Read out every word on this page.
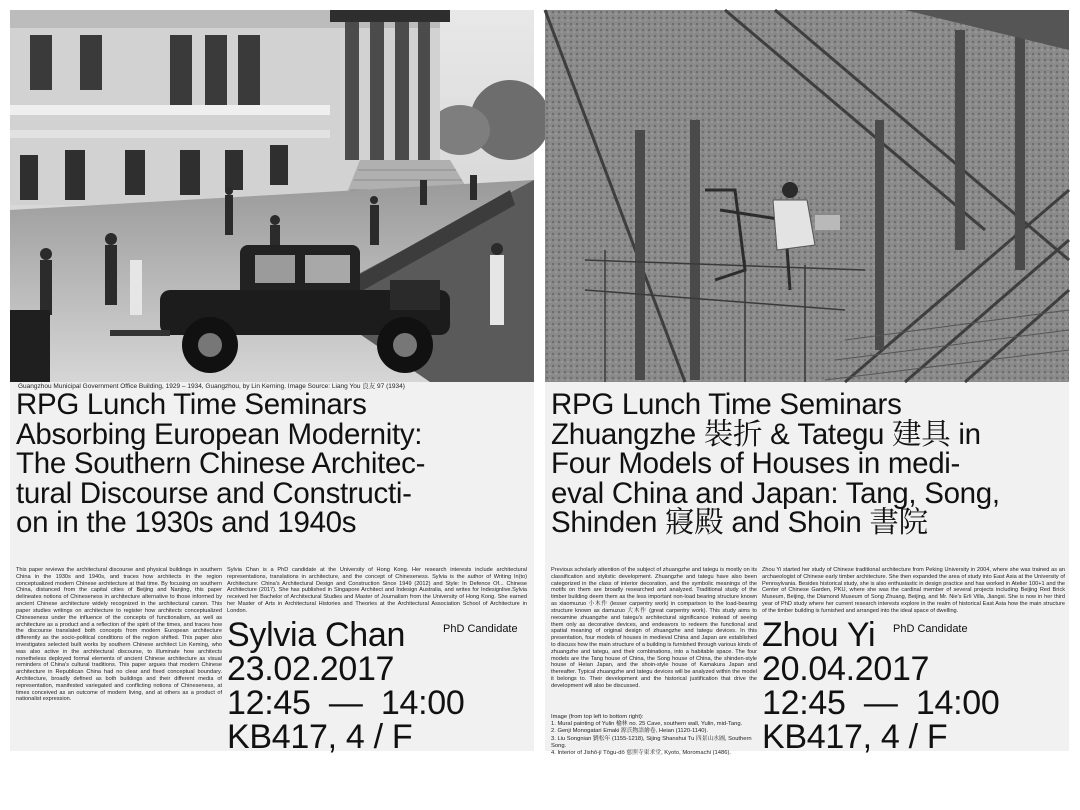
Guangzhou Municipal Government Office Building, 1929 – 1934, Guangzhou, by Lin Kerning. Image Source: Liang You 良友 97 (1934)
RPG Lunch Time Seminars
Absorbing European Modernity:
The Southern Chinese Architec-
tural Discourse and Constructi-
on in the 1930s and 1940s

This paper reviews the architectural discourse and physical buildings in southern China in the 1930s and 1940s, and traces how architects in the region conceptualized modern Chinese architecture at that time. By focusing on southern China, distanced from the capital cities of Beijing and Nanjing, this paper delineates notions of Chineseness in architecture alternative to those informed by ancient Chinese architecture widely recognized in the architectural canon. This paper studies writings on architecture to register how architects conceptualized Chineseness under the influence of the concepts of functionalism, as well as architecture as a product and a reflection of the spirit of the times, and traces how the discourse translated both concepts from modern European architecture differently as the socio-political conditions of the region shifted. This paper also investigates selected built works by southern Chinese architect Lin Keming, who was also active in the architectural discourse, to illuminate how architects nonetheless deployed formal elements of ancient Chinese architecture as visual reminders of China's cultural traditions. This paper argues that modern Chinese architecture in Republican China had no clear and fixed conceptual boundary. Architecture, broadly defined as both buildings and their different media of representation, manifested variegated and conflicting notions of Chineseness, at times conceived as an outcome of modern living, and at others as a product of nationalist expression.

Sylvia Chan is a PhD candidate at the University of Hong Kong. Her research interests include architectural representations, translations in architecture, and the concept of Chineseness. Sylvia is the author of Writing In(to) Architecture: China's Architectural Design and Construction Since 1949 (2012) and Style: In Defence Of... Chinese Architecture (2017). She has published in Singapore Architect and Indesign Australia, and writes for Indesignlive.Sylvia received her Bachelor of Architectural Studies and Master of Journalism from the University of Hong Kong. She earned her Master of Arts in Architectural Histories and Theories at the Architectural Association School of Architecture in London.

PhD Candidate
Sylvia Chan
23.02.2017
12:45  —  14:00
KB417, 4 / F
RPG Lunch Time Seminars
Zhuangzhe 裝折 & Tategu 建具 in
Four Models of Houses in medi-
eval China and Japan: Tang, Song,
Shinden 寢殿 and Shoin 書院

Previous scholarly attention of the subject of zhuangzhe and tategu is mostly on its classification and stylistic development. Zhuangzhe and tategu have also been categorized in the class of interior decoration, and the symbolic meanings of the motifs on them are broadly researched and analyzed. Traditional study of the timber building deem them as the less important non-load bearing structure known as xiaomuzuo 小木作 (lesser carpentry work) in comparison to the load-bearing structure known as damuzuo 大木作 (great carpentry work). This study aims to reexamine zhuangzhe and tategu's architectural significance instead of seeing them only as decorative devices, and endeavors to redeem the functional and spatial meaning of original design of zhuangzhe and tategu devices. In this presentation, four models of houses in medieval China and Japan are established to discuss how the main structure of a building is furnished through various kinds of zhuangzhe and tategu, and their combinations, into a habitable space. The four models are the Tang house of China, the Song house of China, the shinden-style house of Heian Japan, and the shoin-style house of Kamakura Japan and thereafter. Typical zhuangzhe and tategu devices will be analyzed within the model it belongs to. Their development and the historical justification that drive the development will also be discussed.

Image (from top left to bottom right):
1. Mural painting of Yulin 榆林 no. 25 Cave, southern wall, Yulin, mid-Tang.
2. Genji Monogatari Emaki 源氏物語繪卷, Heian (1120-1140).
3. Liu Songnian 劉松年 (1155-1218), Sijing Shanshui Tu 四景山水圖, Southern Song.
4. Interior of Jishō-ji Tōgu-dō 慈照寺東求堂, Kyoto, Moromachi (1486).

Zhou Yi started her study of Chinese traditional architecture from Peking University in 2004, where she was trained as an archaeologist of Chinese early timber architecture. She then expanded the area of study into East Asia at the University of Pennsylvania. Besides historical study, she is also enthusiastic in design practice and has worked in Atelier 100+1 and the Center of Chinese Garden, PKU, where she was the cardinal member of several projects including Beijing Red Brick Museum, Beijing, the Diamond Museum of Song Zhuang, Beijing, and Mr. Nie's Erli Villa, Jiangxi. She is now in her third year of PhD study where her current research interests explore in the realm of historical East Asia how the main structure of the timber building is furnished and arranged into the ideal space of dwelling.

PhD Candidate
Zhou Yi
20.04.2017
12:45  —  14:00
KB417, 4 / F
